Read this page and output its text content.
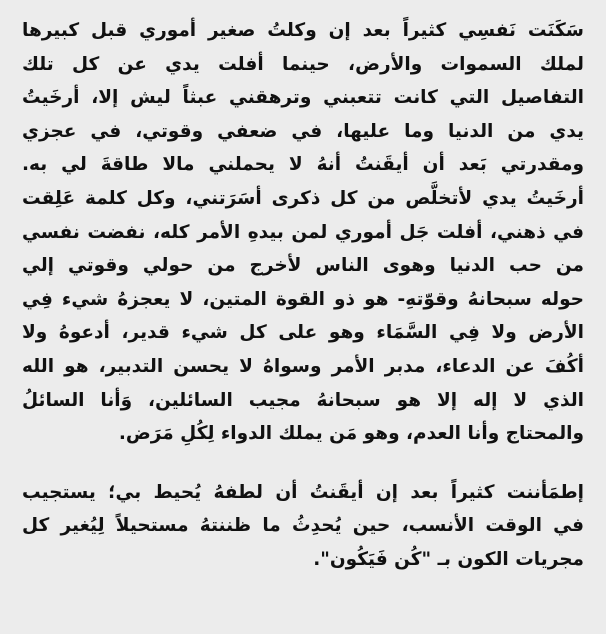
سَكَنَت نَفسِي كثيراً بعد إن وكلتُ صغير أموري قبل كبيرها
لملك السموات والأرض، حينما أفلت يدي عن كل تلك
التفاصيل التي كانت تتعبني وترهقني عبثاً ليش إلا، أرخَيتُ
يدي من الدنيا وما عليها، في ضعفي وقوتي، في عجزي
ومقدرتي بَعد أن أيقَنتُ أنهُ لا يحملني مالا طاقةَ لي به.
أرخَيتُ يدي لأتخلَّص من كل ذكرى أسَرَتني، وكل كلمة عَلِقت
في ذهني، أفلت جَل أموري لمن بيدهِ الأمر كله، نفضت نفسي
من حب الدنيا وهوى الناس لأخرج من حولي وقوتي إلي
حوله سبحانهُ وقوّتهِ- هو ذو القوة المتين، لا يعجزهُ شيء فِي
الأرض ولا فِي السَّمَاء وهو على كل شيء قدير، أدعوهُ ولا
أكُفَ عن الدعاء، مدبر الأمر وسواهُ لا يحسن التدبير، هو الله
الذي لا إله إلا هو سبحانهُ مجيب السائلين، وَأنا السائلُ
والمحتاج وأنا العدم، وهو مَن يملك الدواء لِكُلِ مَرَض.
إطمَأننت كثيراً بعد إن أيقَنتُ أن لطفهُ يُحيط بي؛ يستجيب
في الوقت الأنسب، حين يُحدِثُ ما ظننتهُ مستحيلاً لِيُغير كل
مجريات الكون بـ "كُن فَيَكُون".
